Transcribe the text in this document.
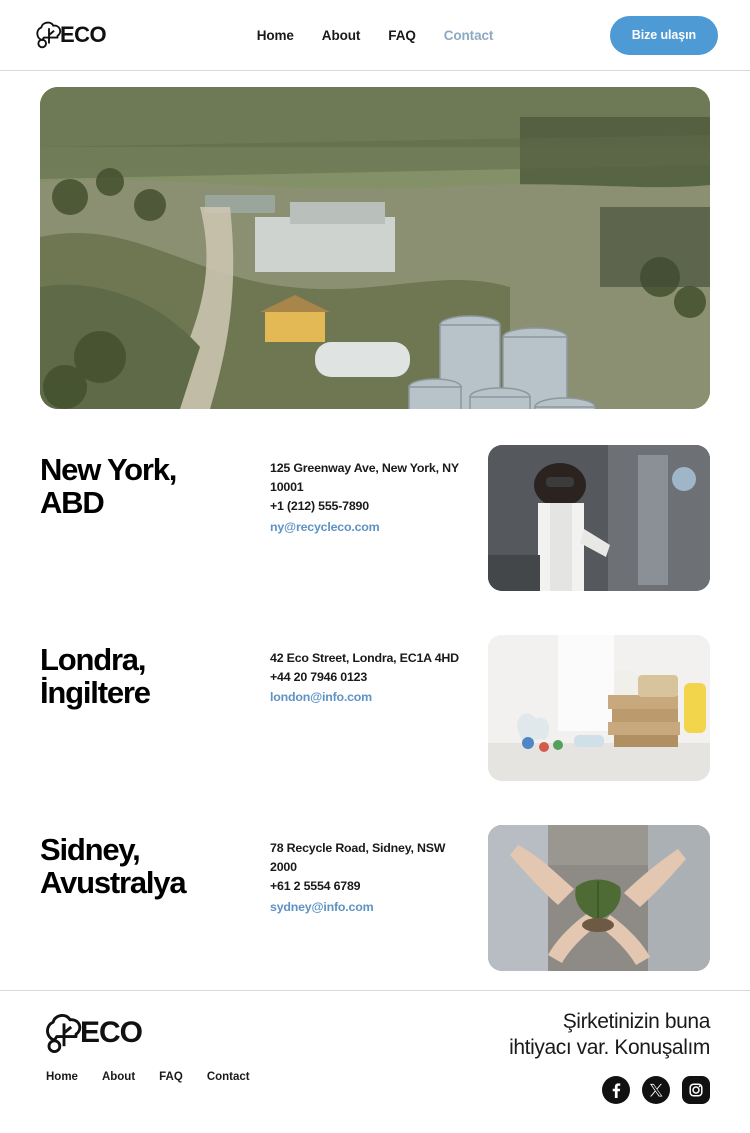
ECO	Home About FAQ Contact	Bize ulaşın
New York,
ABD
125 Greenway Ave, New York, NY 10001
+1 (212) 555-7890
ny@recycleco.com
Londra,
İngiltere
42 Eco Street, Londra, EC1A 4HD
+44 20 7946 0123
london@info.com
Sidney,
Avustralya
78 Recycle Road, Sidney, NSW 2000
+61 2 5554 6789
sydney@info.com
ECO
Home About FAQ Contact
Şirketinizin buna
ihtiyacı var. Konuşalım
